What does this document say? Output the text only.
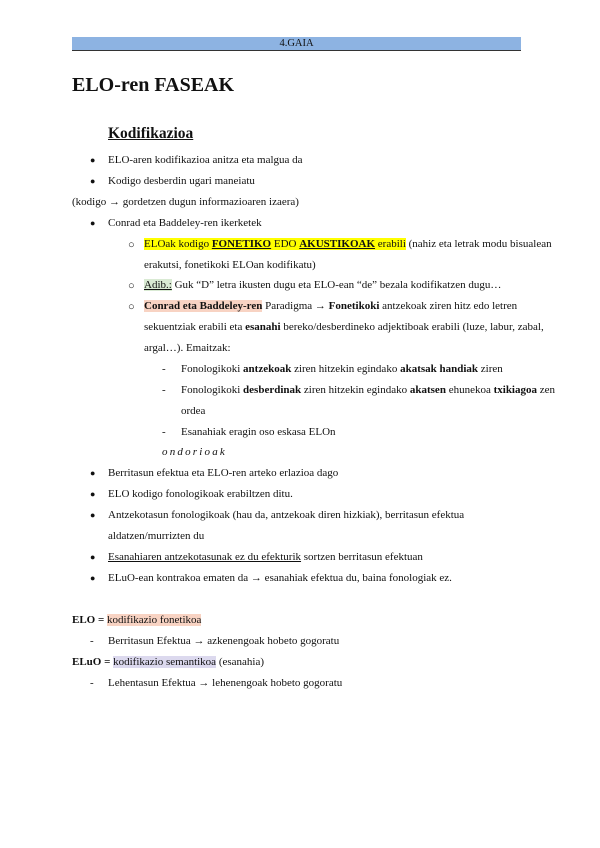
4.GAIA
ELO-ren FASEAK
Kodifikazioa
● ELO-aren kodifikazioa anitza eta malgua da
● Kodigo desberdin ugari maneiatu
(kodigo → gordetzen dugun informazioaren izaera)
● Conrad eta Baddeley-ren ikerketek
○ ELOak kodigo FONETIKO EDO AKUSTIKOAK erabili (nahiz eta letrak modu bisualean
erakutsi, fonetikoki ELOan kodifikatu)
○ Adib.: Guk “D” letra ikusten dugu eta ELO-ean “de” bezala kodifikatzen dugu…
○ Conrad eta Baddeley-ren Paradigma → Fonetikoki antzekoak ziren hitz edo letren
sekuentziak erabili eta esanahi bereko/desberdineko adjektiboak erabili (luze, labur, zabal,
argal…). Emaitzak:
- Fonologikoki antzekoak ziren hitzekin egindako akatsak handiak ziren
- Fonologikoki desberdinak ziren hitzekin egindako akatsen ehunekoa txikiagoa zen
ordea
- Esanahiak eragin oso eskasa ELOn
ondorioak
● Berritasun efektua eta ELO-ren arteko erlazioa dago
● ELO kodigo fonologikoak erabiltzen ditu.
● Antzekotasun fonologikoak (hau da, antzekoak diren hizkiak), berritasun efektua
aldatzen/murrizten du
● Esanahiaren antzekotasunak ez du efekturik sortzen berritasun efektuan
● ELuO-ean kontrakoa ematen da → esanahiak efektua du, baina fonologiak ez.
ELO = kodifikazio fonetikoa
- Berritasun Efektua → azkenengoak hobeto gogoratu
ELuO = kodifikazio semantikoa (esanahia)
- Lehentasun Efektua → lehenengoak hobeto gogoratu
